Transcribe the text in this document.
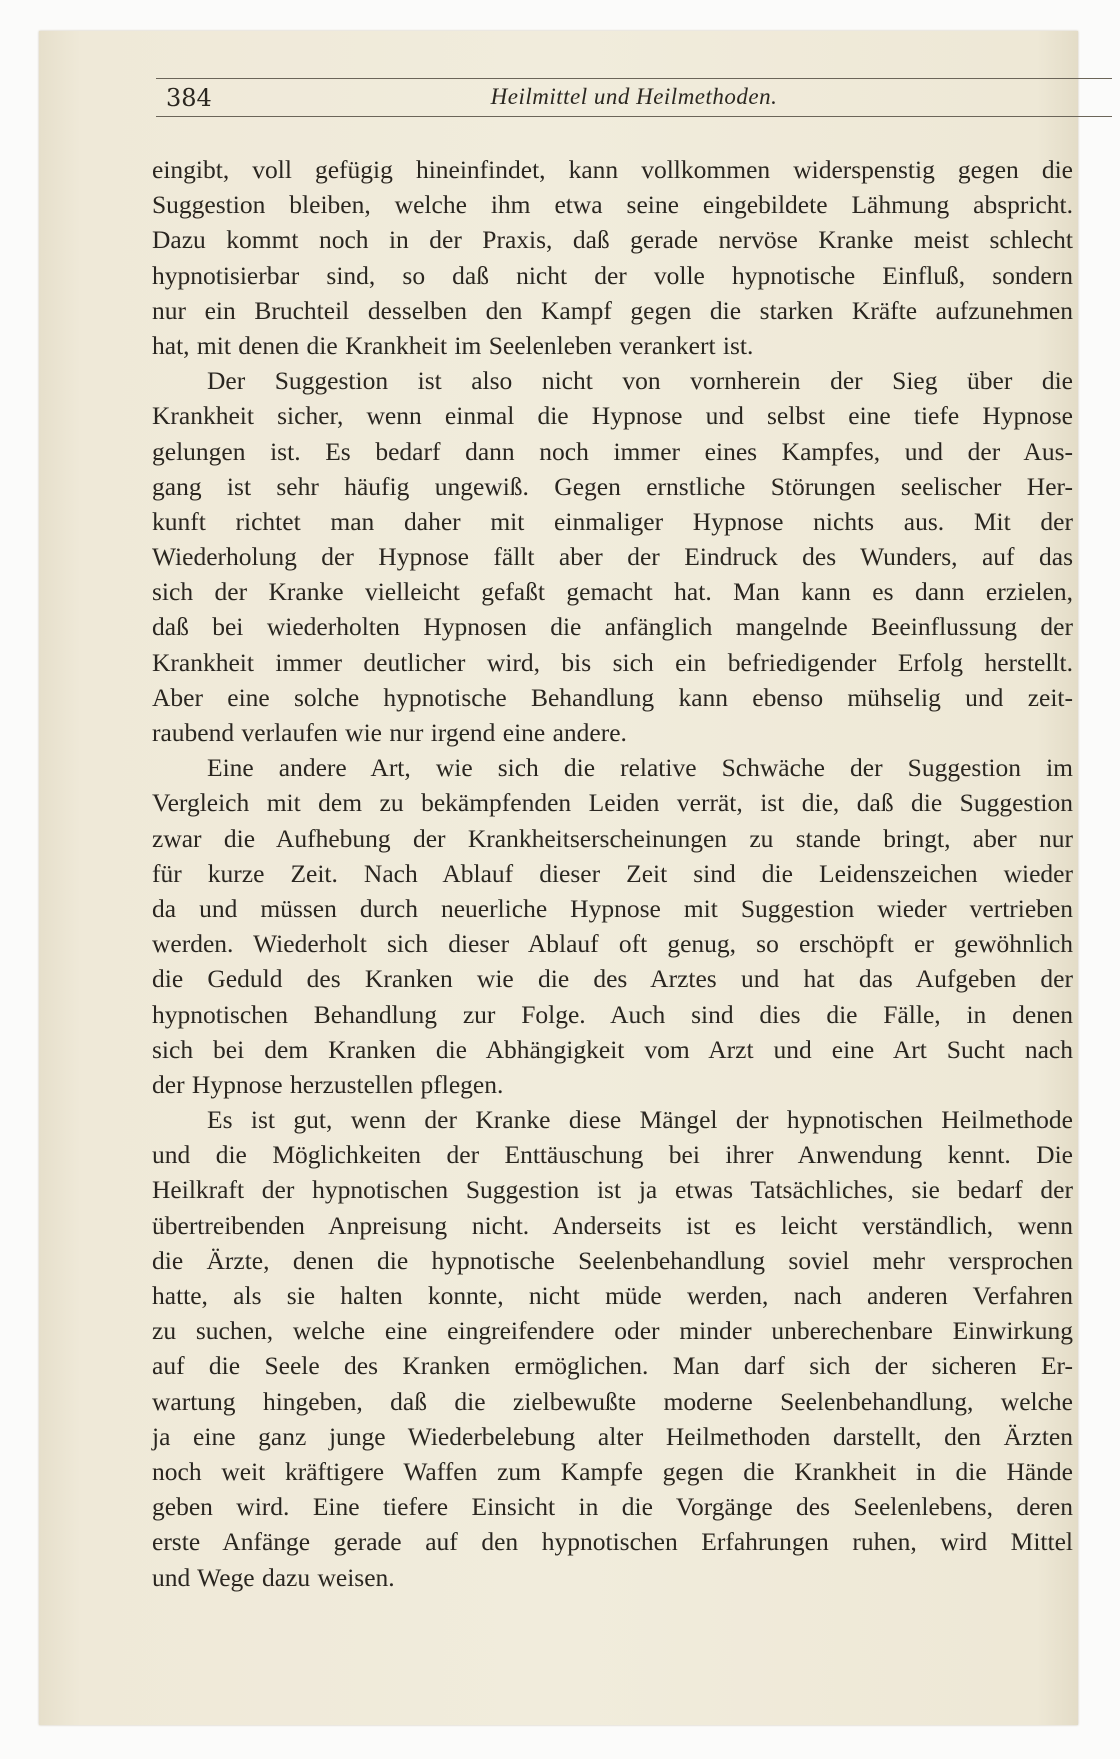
384	Heilmittel und Heilmethoden.
eingibt, voll gefügig hineinfindet, kann vollkommen widerspenstig gegen die
Suggestion bleiben, welche ihm etwa seine eingebildete Lähmung abspricht.
Dazu kommt noch in der Praxis, daß gerade nervöse Kranke meist schlecht
hypnotisierbar sind, so daß nicht der volle hypnotische Einfluß, sondern
nur ein Bruchteil desselben den Kampf gegen die starken Kräfte aufzunehmen
hat, mit denen die Krankheit im Seelenleben verankert ist.
Der Suggestion ist also nicht von vornherein der Sieg über die
Krankheit sicher, wenn einmal die Hypnose und selbst eine tiefe Hypnose
gelungen ist. Es bedarf dann noch immer eines Kampfes, und der Aus-
gang ist sehr häufig ungewiß. Gegen ernstliche Störungen seelischer Her-
kunft richtet man daher mit einmaliger Hypnose nichts aus. Mit der
Wiederholung der Hypnose fällt aber der Eindruck des Wunders, auf das
sich der Kranke vielleicht gefaßt gemacht hat. Man kann es dann erzielen,
daß bei wiederholten Hypnosen die anfänglich mangelnde Beeinflussung der
Krankheit immer deutlicher wird, bis sich ein befriedigender Erfolg herstellt.
Aber eine solche hypnotische Behandlung kann ebenso mühselig und zeit-
raubend verlaufen wie nur irgend eine andere.
Eine andere Art, wie sich die relative Schwäche der Suggestion im
Vergleich mit dem zu bekämpfenden Leiden verrät, ist die, daß die Suggestion
zwar die Aufhebung der Krankheitserscheinungen zu stande bringt, aber nur
für kurze Zeit. Nach Ablauf dieser Zeit sind die Leidenszeichen wieder
da und müssen durch neuerliche Hypnose mit Suggestion wieder vertrieben
werden. Wiederholt sich dieser Ablauf oft genug, so erschöpft er gewöhnlich
die Geduld des Kranken wie die des Arztes und hat das Aufgeben der
hypnotischen Behandlung zur Folge. Auch sind dies die Fälle, in denen
sich bei dem Kranken die Abhängigkeit vom Arzt und eine Art Sucht nach
der Hypnose herzustellen pflegen.
Es ist gut, wenn der Kranke diese Mängel der hypnotischen Heilmethode
und die Möglichkeiten der Enttäuschung bei ihrer Anwendung kennt. Die
Heilkraft der hypnotischen Suggestion ist ja etwas Tatsächliches, sie bedarf der
übertreibenden Anpreisung nicht. Anderseits ist es leicht verständlich, wenn
die Ärzte, denen die hypnotische Seelenbehandlung soviel mehr versprochen
hatte, als sie halten konnte, nicht müde werden, nach anderen Verfahren
zu suchen, welche eine eingreifendere oder minder unberechenbare Einwirkung
auf die Seele des Kranken ermöglichen. Man darf sich der sicheren Er-
wartung hingeben, daß die zielbewußte moderne Seelenbehandlung, welche
ja eine ganz junge Wiederbelebung alter Heilmethoden darstellt, den Ärzten
noch weit kräftigere Waffen zum Kampfe gegen die Krankheit in die Hände
geben wird. Eine tiefere Einsicht in die Vorgänge des Seelenlebens, deren
erste Anfänge gerade auf den hypnotischen Erfahrungen ruhen, wird Mittel
und Wege dazu weisen.
